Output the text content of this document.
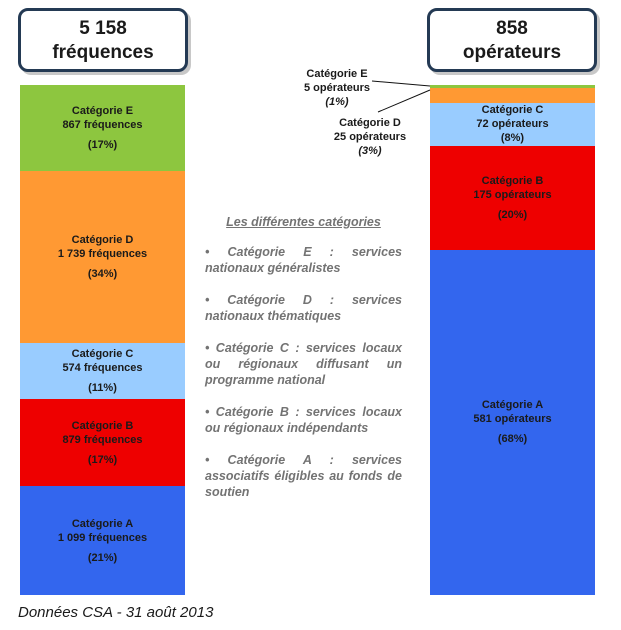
5 158
fréquences
858
opérateurs
Catégorie A
1 099 fréquences
(21%)
Catégorie B
879 fréquences
(17%)
Catégorie C
574 fréquences
(11%)
Catégorie D
1 739 fréquences
(34%)
Catégorie E
867 fréquences
(17%)
Catégorie A
581 opérateurs
(68%)
Catégorie B
175 opérateurs
(20%)
Catégorie C
72 opérateurs
(8%)
Catégorie E
5 opérateurs
(1%)
Catégorie D
25 opérateurs
(3%)
Les différentes catégories
• Catégorie E : services nationaux généralistes
• Catégorie D : services nationaux thématiques
• Catégorie C : services locaux ou régionaux diffusant un programme national
• Catégorie B : services locaux ou régionaux indépendants
• Catégorie A : services associatifs éligibles au fonds de soutien
Données CSA - 31 août 2013
